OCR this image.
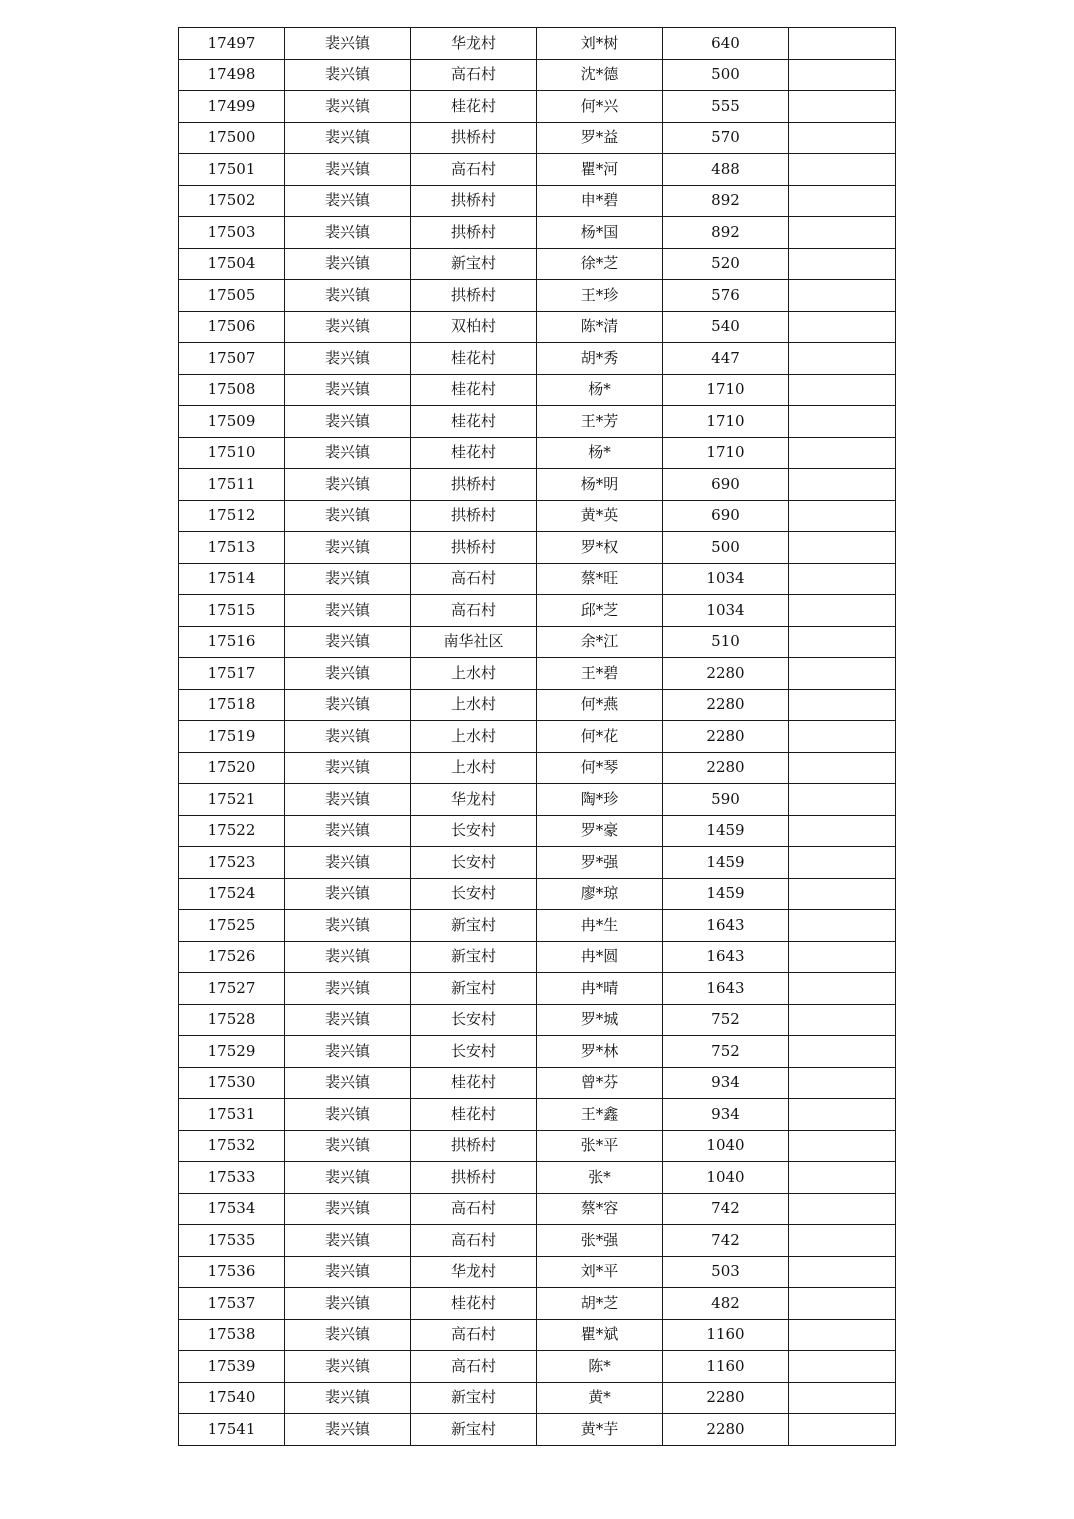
17497	裴兴镇	华龙村	刘*树	640	
17498	裴兴镇	高石村	沈*德	500	
17499	裴兴镇	桂花村	何*兴	555	
17500	裴兴镇	拱桥村	罗*益	570	
17501	裴兴镇	高石村	瞿*河	488	
17502	裴兴镇	拱桥村	申*碧	892	
17503	裴兴镇	拱桥村	杨*国	892	
17504	裴兴镇	新宝村	徐*芝	520	
17505	裴兴镇	拱桥村	王*珍	576	
17506	裴兴镇	双柏村	陈*清	540	
17507	裴兴镇	桂花村	胡*秀	447	
17508	裴兴镇	桂花村	杨*	1710	
17509	裴兴镇	桂花村	王*芳	1710	
17510	裴兴镇	桂花村	杨*	1710	
17511	裴兴镇	拱桥村	杨*明	690	
17512	裴兴镇	拱桥村	黄*英	690	
17513	裴兴镇	拱桥村	罗*权	500	
17514	裴兴镇	高石村	蔡*旺	1034	
17515	裴兴镇	高石村	邱*芝	1034	
17516	裴兴镇	南华社区	余*江	510	
17517	裴兴镇	上水村	王*碧	2280	
17518	裴兴镇	上水村	何*燕	2280	
17519	裴兴镇	上水村	何*花	2280	
17520	裴兴镇	上水村	何*琴	2280	
17521	裴兴镇	华龙村	陶*珍	590	
17522	裴兴镇	长安村	罗*豪	1459	
17523	裴兴镇	长安村	罗*强	1459	
17524	裴兴镇	长安村	廖*琼	1459	
17525	裴兴镇	新宝村	冉*生	1643	
17526	裴兴镇	新宝村	冉*圆	1643	
17527	裴兴镇	新宝村	冉*晴	1643	
17528	裴兴镇	长安村	罗*城	752	
17529	裴兴镇	长安村	罗*林	752	
17530	裴兴镇	桂花村	曾*芬	934	
17531	裴兴镇	桂花村	王*鑫	934	
17532	裴兴镇	拱桥村	张*平	1040	
17533	裴兴镇	拱桥村	张*	1040	
17534	裴兴镇	高石村	蔡*容	742	
17535	裴兴镇	高石村	张*强	742	
17536	裴兴镇	华龙村	刘*平	503	
17537	裴兴镇	桂花村	胡*芝	482	
17538	裴兴镇	高石村	瞿*斌	1160	
17539	裴兴镇	高石村	陈*	1160	
17540	裴兴镇	新宝村	黄*	2280	
17541	裴兴镇	新宝村	黄*芋	2280	
